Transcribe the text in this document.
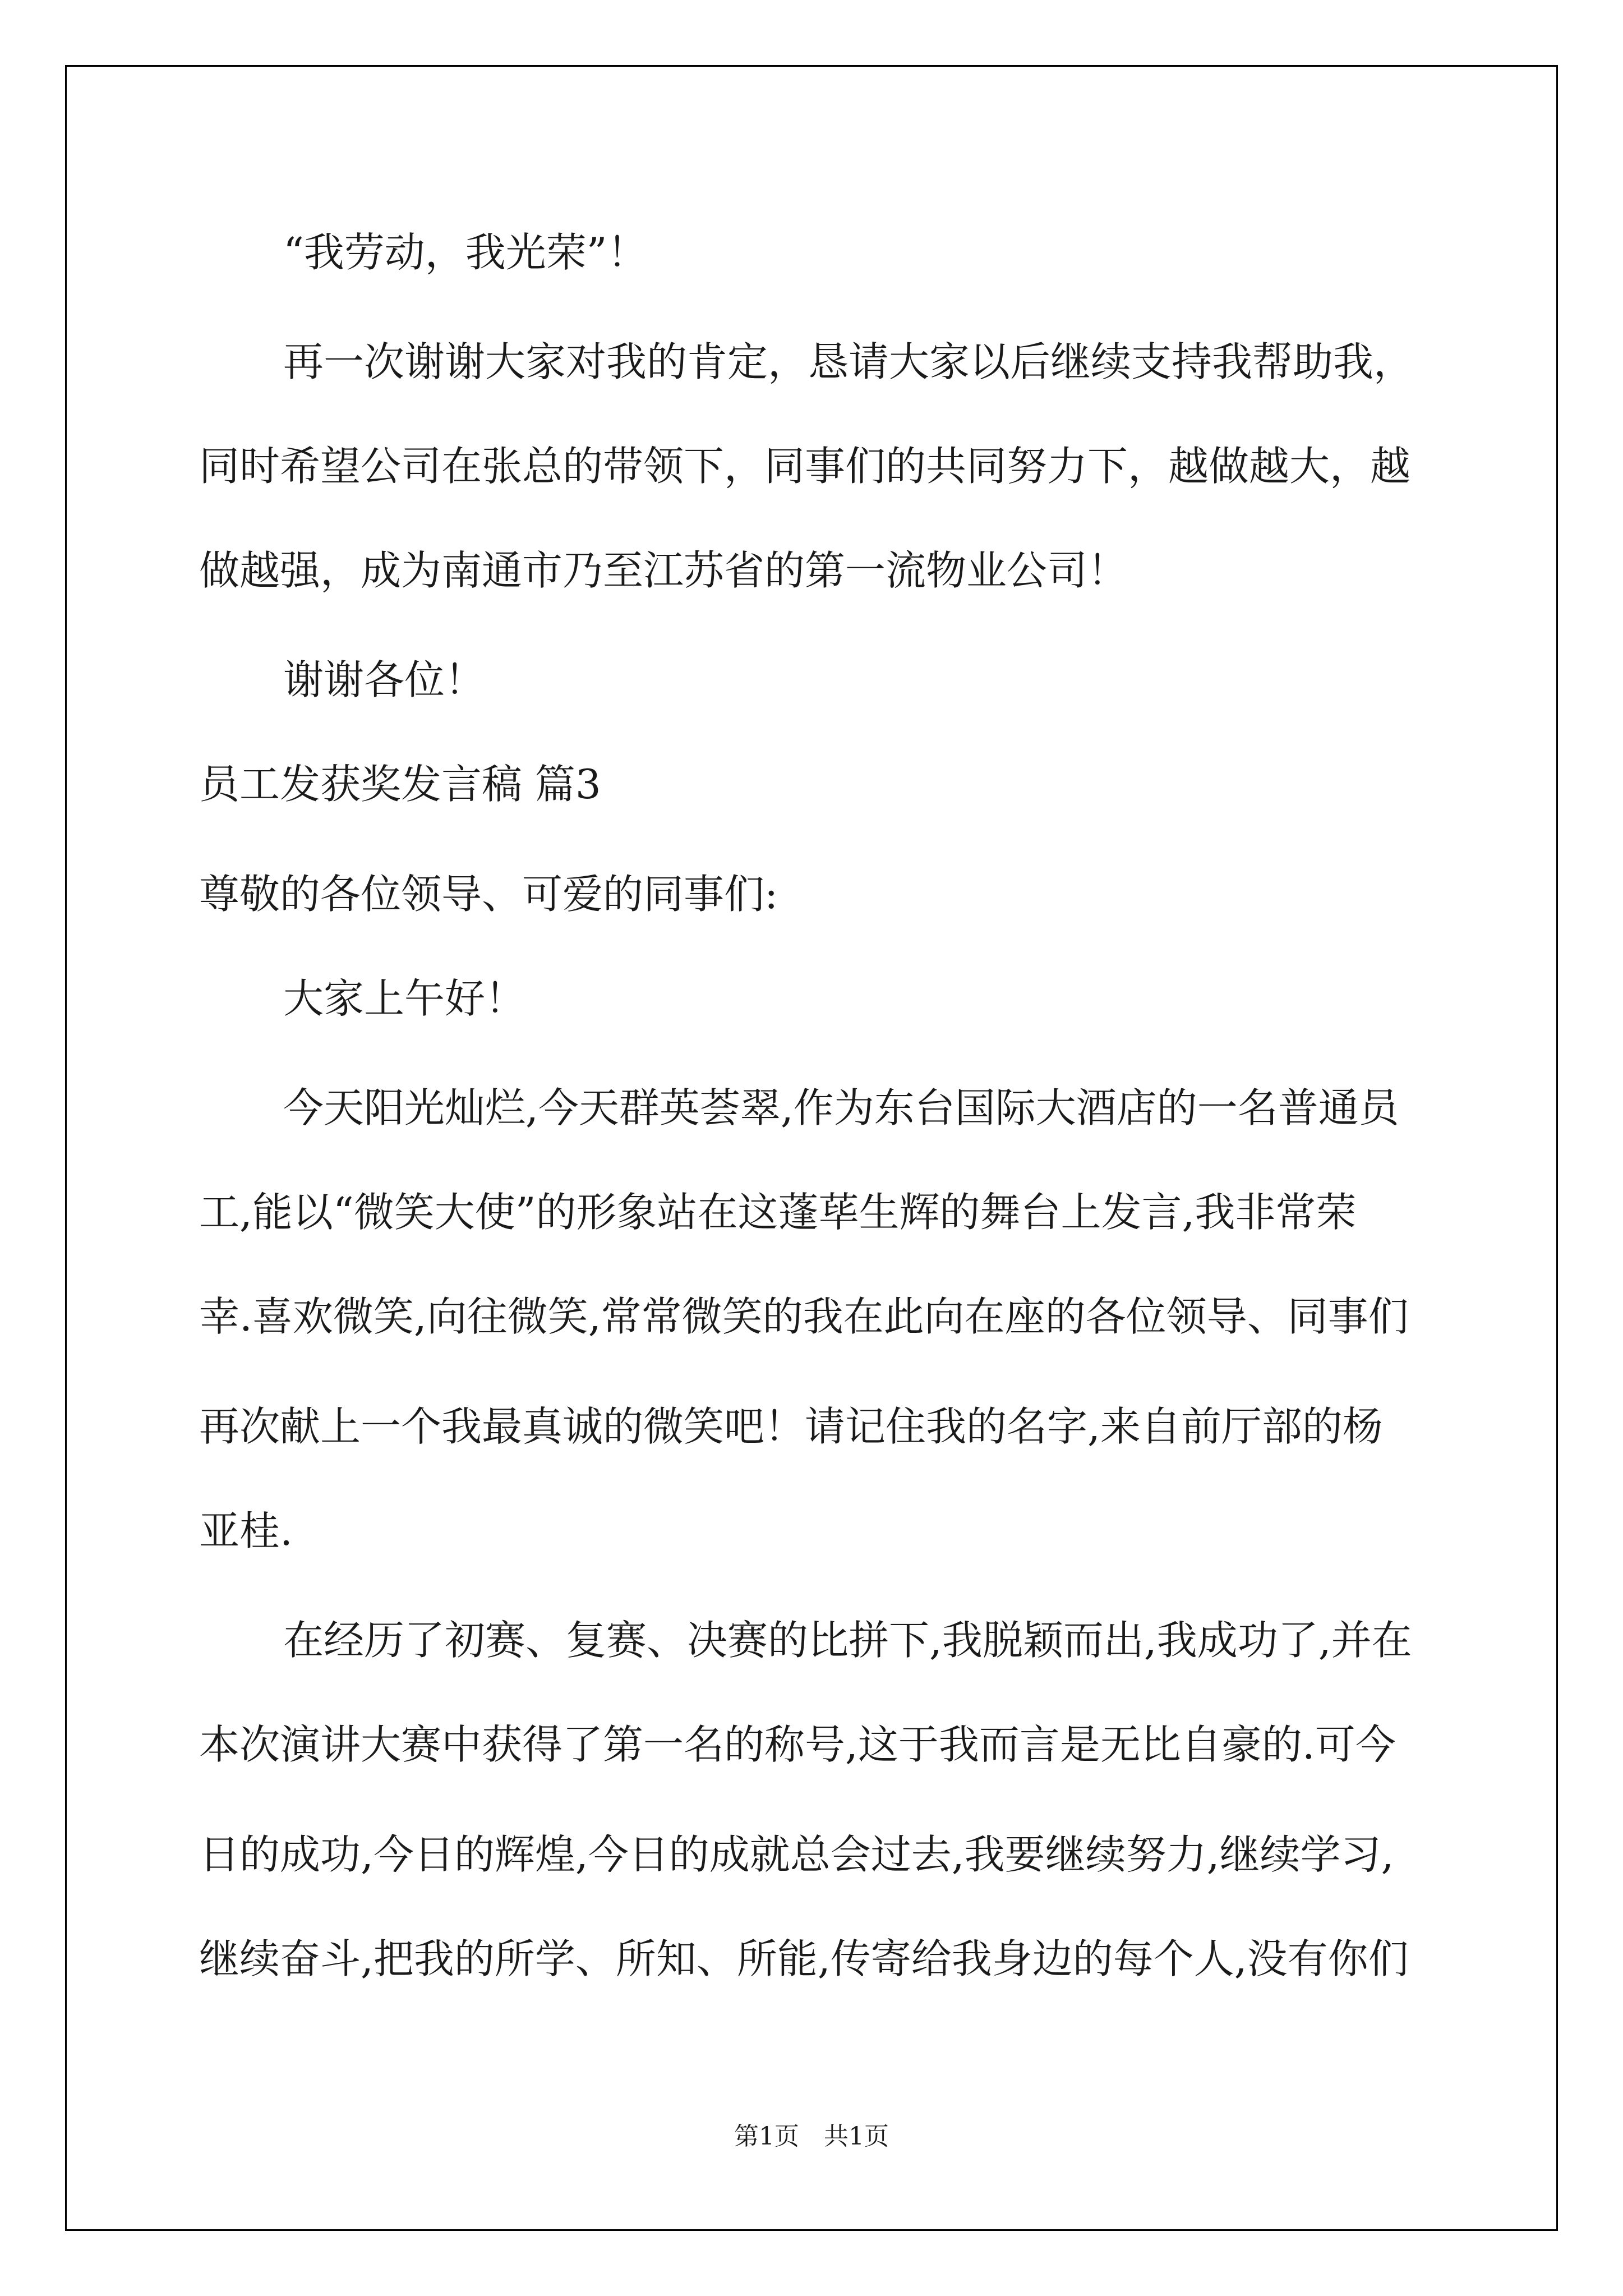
“我劳动，我光荣”！
再一次谢谢大家对我的肯定，恳请大家以后继续支持我帮助我，
同时希望公司在张总的带领下，同事们的共同努力下，越做越大，越
做越强，成为南通市乃至江苏省的第一流物业公司！
谢谢各位！
员工发获奖发言稿 篇3
尊敬的各位领导、可爱的同事们:
大家上午好！
今天阳光灿烂,今天群英荟翠,作为东台国际大酒店的一名普通员
工,能以“微笑大使”的形象站在这蓬荜生辉的舞台上发言,我非常荣
幸.喜欢微笑,向往微笑,常常微笑的我在此向在座的各位领导、同事们
再次献上一个我最真诚的微笑吧！请记住我的名字,来自前厅部的杨
亚桂.
在经历了初赛、复赛、决赛的比拼下,我脱颖而出,我成功了,并在
本次演讲大赛中获得了第一名的称号,这于我而言是无比自豪的.可今
日的成功,今日的辉煌,今日的成就总会过去,我要继续努力,继续学习,
继续奋斗,把我的所学、所知、所能,传寄给我身边的每个人,没有你们
第1页　共1页
